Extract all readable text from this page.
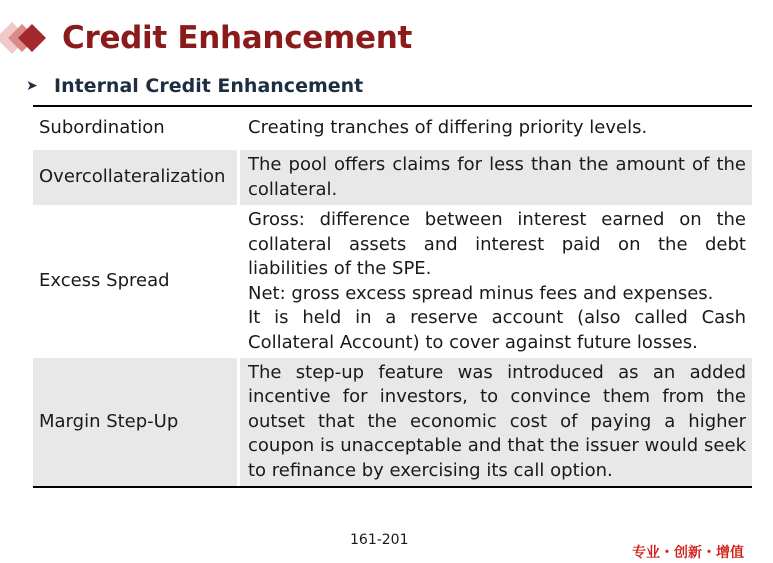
Credit Enhancement
➤ Internal Credit Enhancement
Subordination	Creating tranches of differing priority levels.

Overcollateralization

The pool offers claims for less than the amount of the collateral.

Excess Spread

Gross: difference between interest earned on the collateral assets and interest paid on the debt liabilities of the SPE.

Net: gross excess spread minus fees and expenses.

It is held in a reserve account (also called Cash Collateral Account) to cover against future losses.

Margin Step-Up

The step-up feature was introduced as an added incentive for investors, to convince them from the outset that the economic cost of paying a higher coupon is unacceptable and that the issuer would seek to refinance by exercising its call option.

161-201
专业・创新・增值
